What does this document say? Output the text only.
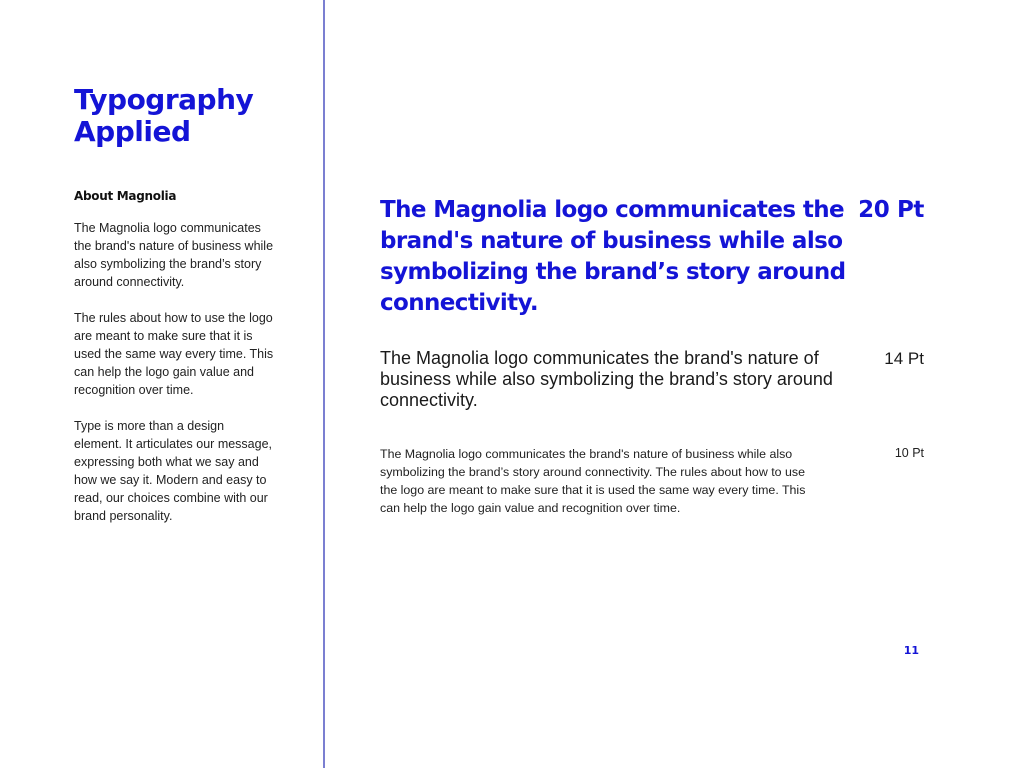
Typography Applied
About Magnolia

The Magnolia logo communicates the brand's nature of business while also symbolizing the brand’s story around connectivity.

The rules about how to use the logo are meant to make sure that it is used the same way every time. This can help the logo gain value and recognition over time.

Type is more than a design element. It articulates our message, expressing both what we say and how we say it. Modern and easy to read, our choices combine with our brand personality.

The Magnolia logo communicates the brand's nature of business while also symbolizing the brand’s story around connectivity.

20 Pt

The Magnolia logo communicates the brand's nature of business while also symbolizing the brand’s story around connectivity.

14 Pt

The Magnolia logo communicates the brand's nature of business while also symbolizing the brand’s story around connectivity. The rules about how to use the logo are meant to make sure that it is used the same way every time. This can help the logo gain value and recognition over time.

10 Pt
11
